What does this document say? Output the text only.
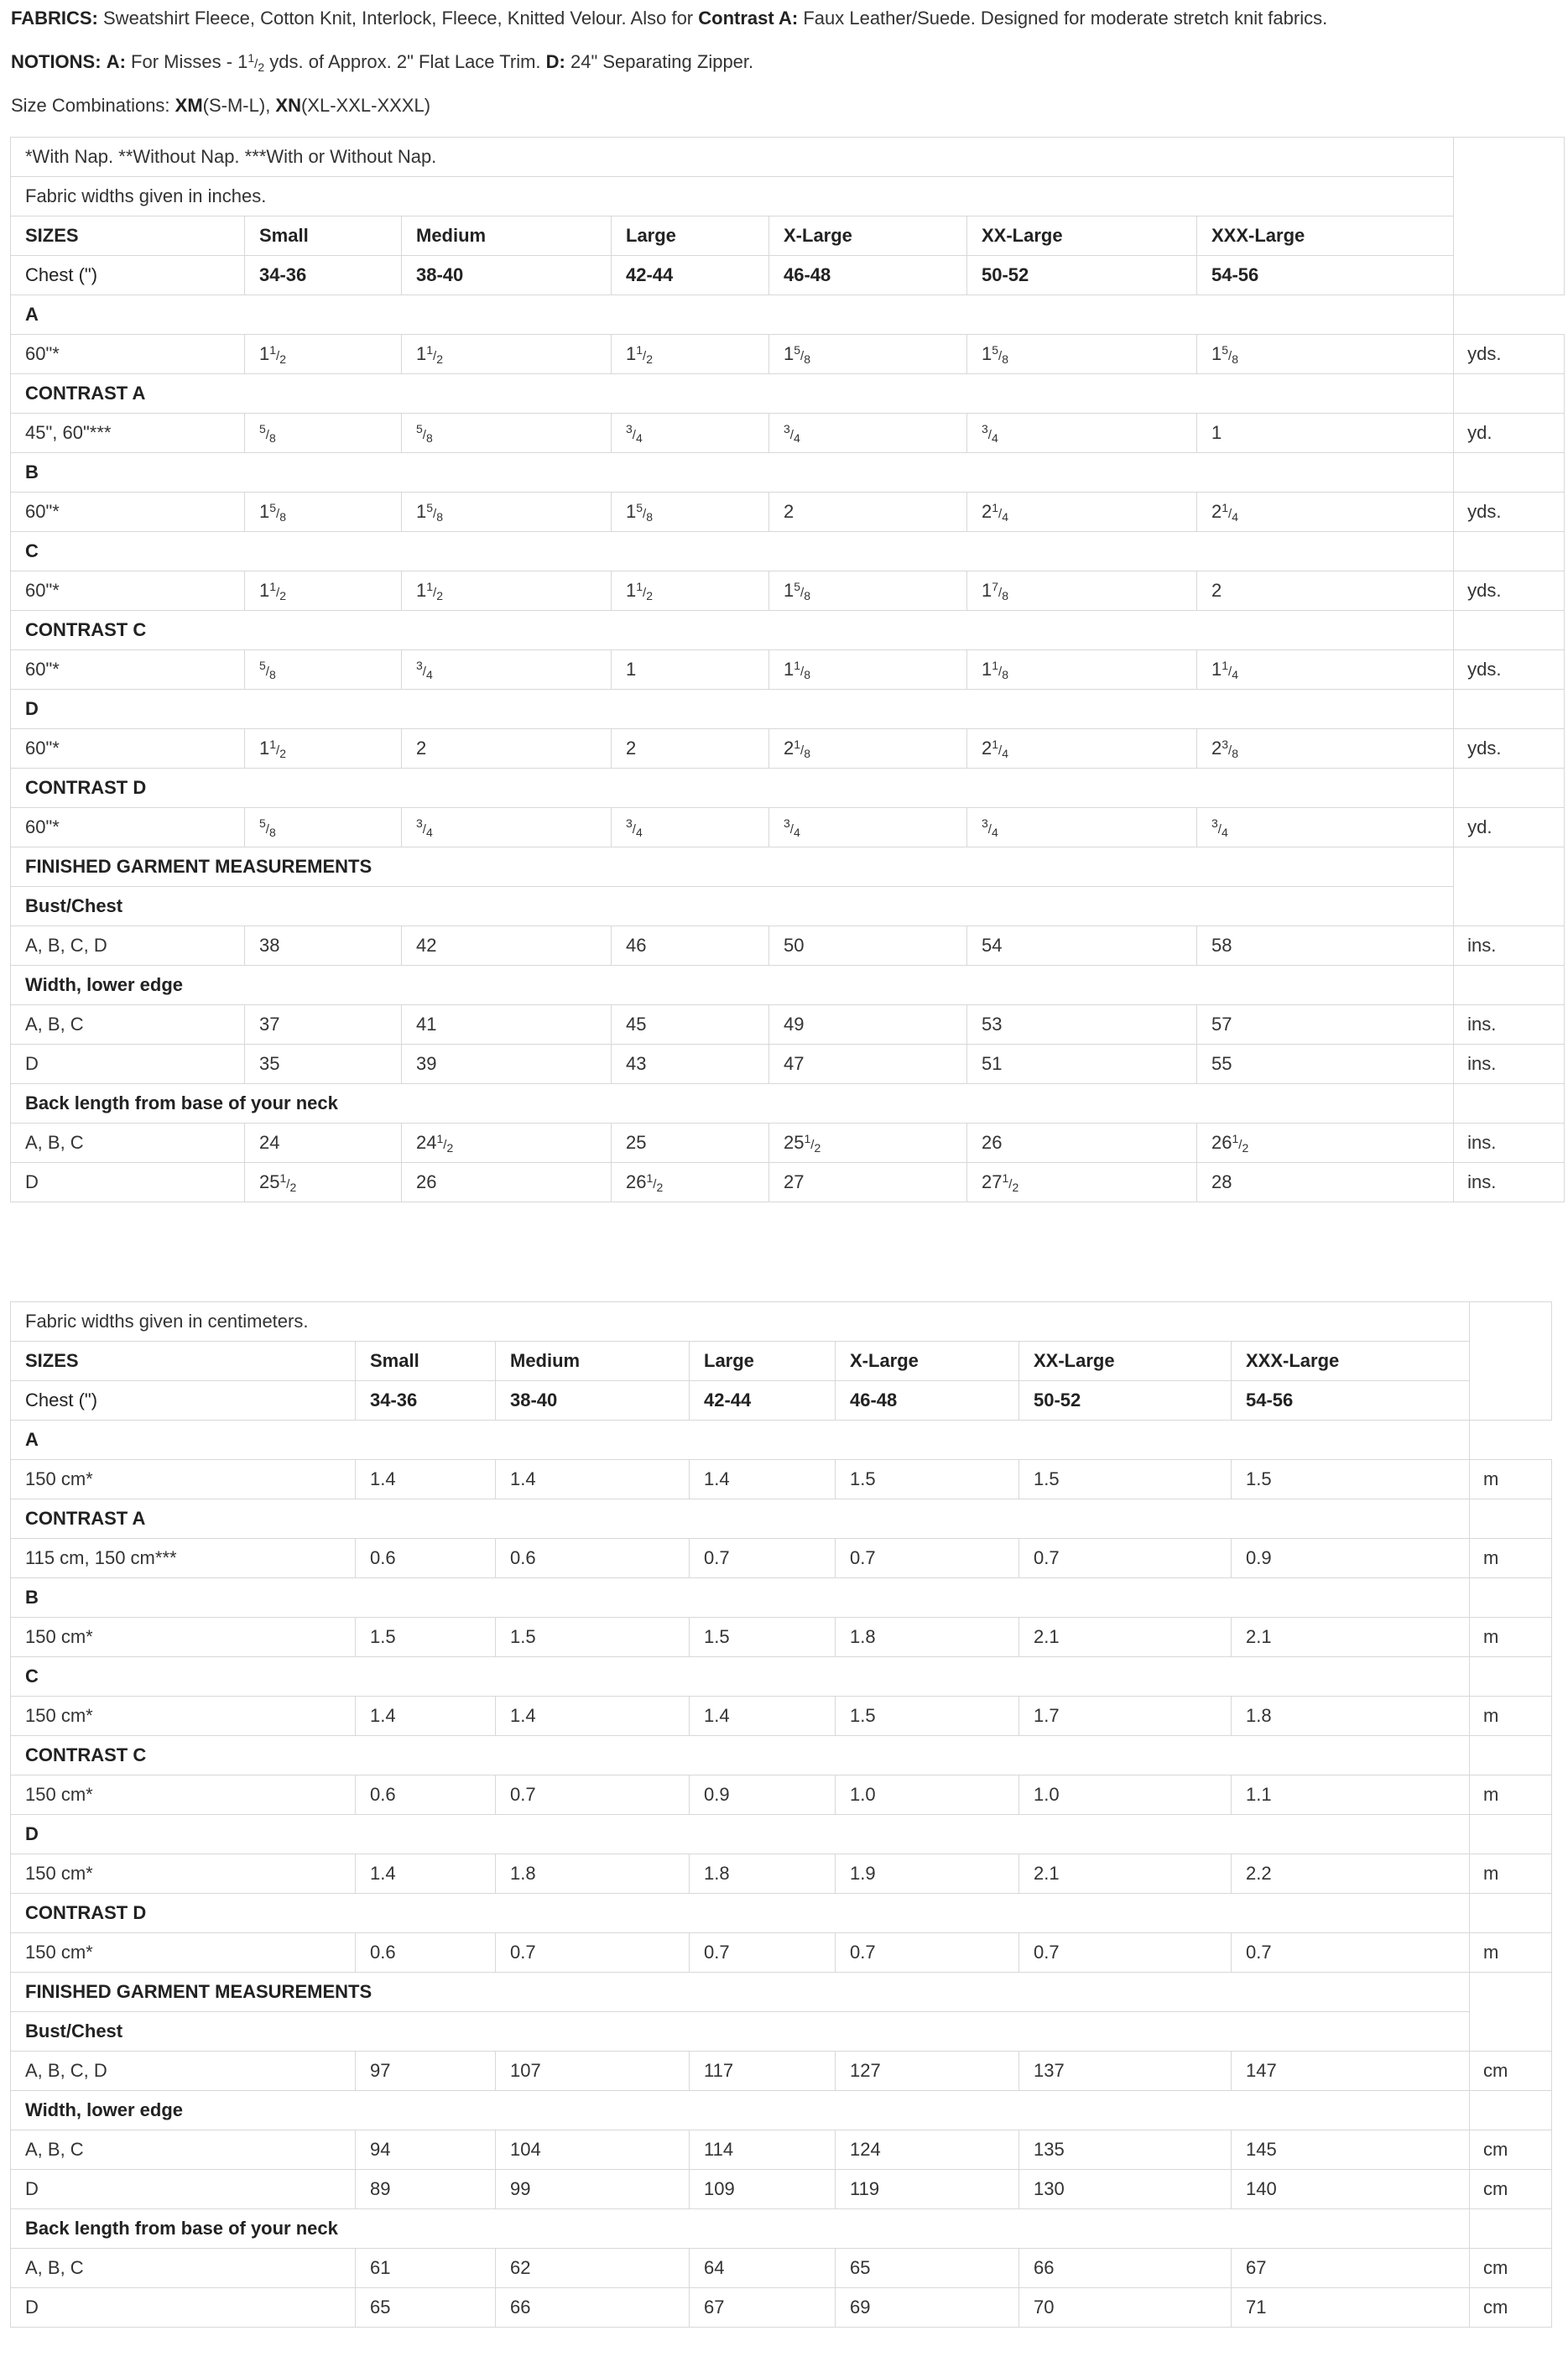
FABRICS: Sweatshirt Fleece, Cotton Knit, Interlock, Fleece, Knitted Velour. Also for Contrast A: Faux Leather/Suede. Designed for moderate stretch knit fabrics.
NOTIONS: A: For Misses - $1^1/_2$ yds. of Approx. 2" Flat Lace Trim. D: 24" Separating Zipper.
Size Combinations: XM(S-M-L), XN(XL-XXL-XXXL)
*With Nap. **Without Nap. ***With or Without Nap.							
Fabric widths given in inches.							
SIZES	Small	Medium	Large	X-Large	XX-Large	XXX-Large	
Chest (")	34-36	38-40	42-44	46-48	50-52	54-56	
A							
60"*	$1^1/_2$	$1^1/_2$	$1^1/_2$	$1^5/_8$	$1^5/_8$	$1^5/_8$	yds.
CONTRAST A							
45", 60"***	$^5/_8$	$^5/_8$	$^3/_4$	$^3/_4$	$^3/_4$	1	yd.
B							
60"*	$1^5/_8$	$1^5/_8$	$1^5/_8$	2	$2^1/_4$	$2^1/_4$	yds.
C							
60"*	$1^1/_2$	$1^1/_2$	$1^1/_2$	$1^5/_8$	$1^7/_8$	2	yds.
CONTRAST C							
60"*	$^5/_8$	$^3/_4$	1	$1^1/_8$	$1^1/_8$	$1^1/_4$	yds.
D							
60"*	$1^1/_2$	2	2	$2^1/_8$	$2^1/_4$	$2^3/_8$	yds.
CONTRAST D							
60"*	$^5/_8$	$^3/_4$	$^3/_4$	$^3/_4$	$^3/_4$	$^3/_4$	yd.
FINISHED GARMENT MEASUREMENTS							
Bust/Chest							
A, B, C, D	38	42	46	50	54	58	ins.
Width, lower edge							
A, B, C	37	41	45	49	53	57	ins.
D	35	39	43	47	51	55	ins.
Back length from base of your neck							
A, B, C	24	$24^1/_2$	25	$25^1/_2$	26	$26^1/_2$	ins.
D	$25^1/_2$	26	$26^1/_2$	27	$27^1/_2$	28	ins.
Fabric widths given in centimeters.							
SIZES	Small	Medium	Large	X-Large	XX-Large	XXX-Large	
Chest (")	34-36	38-40	42-44	46-48	50-52	54-56	
A							
150 cm*	1.4	1.4	1.4	1.5	1.5	1.5	m
CONTRAST A							
115 cm, 150 cm***	0.6	0.6	0.7	0.7	0.7	0.9	m
B							
150 cm*	1.5	1.5	1.5	1.8	2.1	2.1	m
C							
150 cm*	1.4	1.4	1.4	1.5	1.7	1.8	m
CONTRAST C							
150 cm*	0.6	0.7	0.9	1.0	1.0	1.1	m
D							
150 cm*	1.4	1.8	1.8	1.9	2.1	2.2	m
CONTRAST D							
150 cm*	0.6	0.7	0.7	0.7	0.7	0.7	m
FINISHED GARMENT MEASUREMENTS							
Bust/Chest							
A, B, C, D	97	107	117	127	137	147	cm
Width, lower edge							
A, B, C	94	104	114	124	135	145	cm
D	89	99	109	119	130	140	cm
Back length from base of your neck							
A, B, C	61	62	64	65	66	67	cm
D	65	66	67	69	70	71	cm
